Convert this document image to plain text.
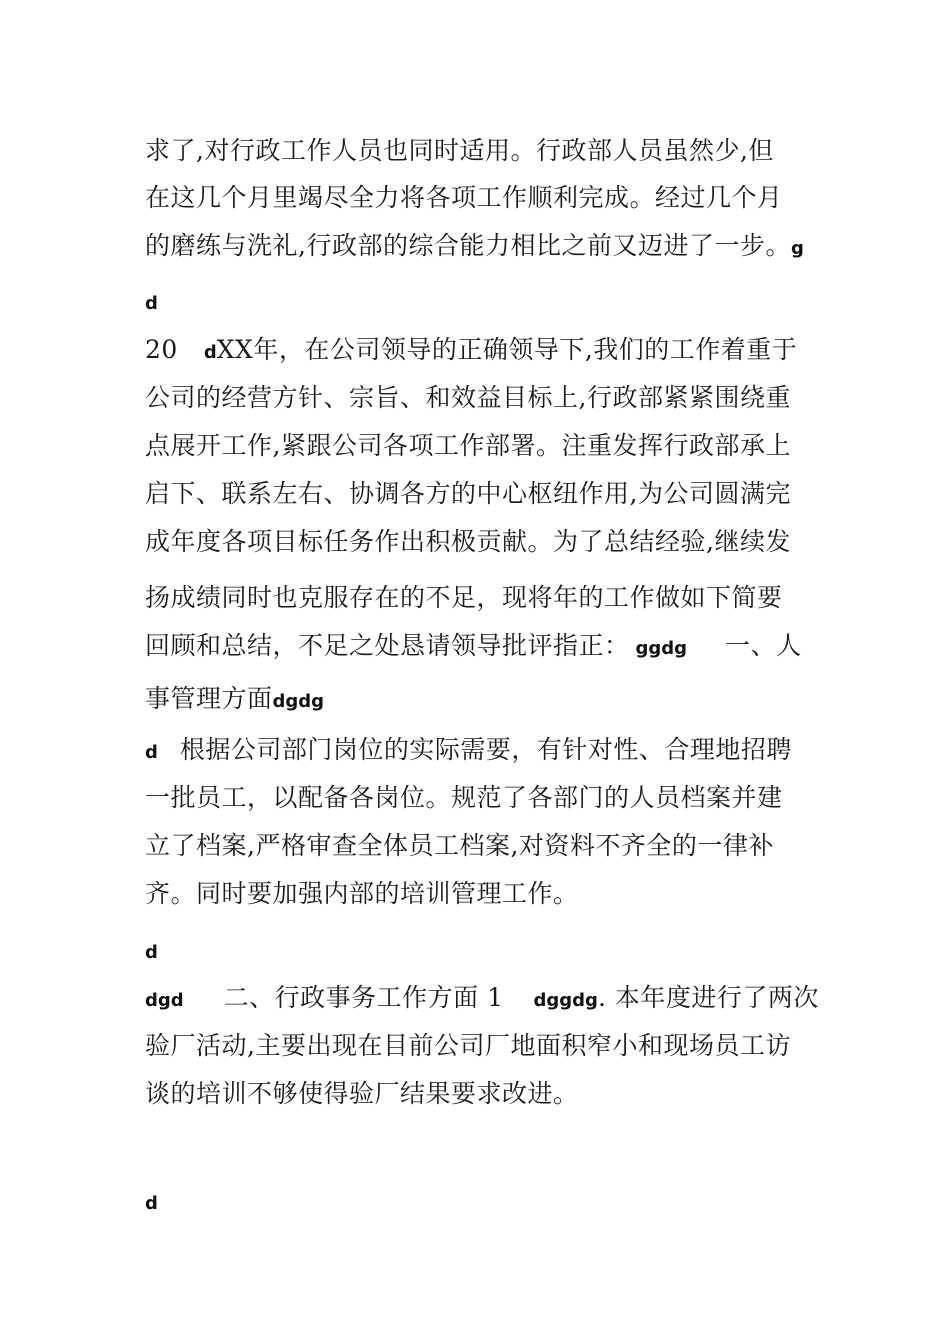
求了,对行政工作人员也同时适用。行政部人员虽然少,但
在这几个月里竭尽全力将各项工作顺利完成。经过几个月
的磨练与洗礼,行政部的综合能力相比之前又迈进了一步。g
d
20 dXX年，在公司领导的正确领导下,我们的工作着重于
公司的经营方针、宗旨、和效益目标上,行政部紧紧围绕重
点展开工作,紧跟公司各项工作部署。注重发挥行政部承上
启下、联系左右、协调各方的中心枢纽作用,为公司圆满完
成年度各项目标任务作出积极贡献。为了总结经验,继续发
扬成绩同时也克服存在的不足，现将年的工作做如下简要
回顾和总结，不足之处恳请领导批评指正： ggdg 一、人
事管理方面dgdg
d 根据公司部门岗位的实际需要，有针对性、合理地招聘
一批员工，以配备各岗位。规范了各部门的人员档案并建
立了档案,严格审查全体员工档案,对资料不齐全的一律补
齐。同时要加强内部的培训管理工作。
d
dgd 二、行政事务工作方面 1 dggdg. 本年度进行了两次
验厂活动,主要出现在目前公司厂地面积窄小和现场员工访
谈的培训不够使得验厂结果要求改进。
d
